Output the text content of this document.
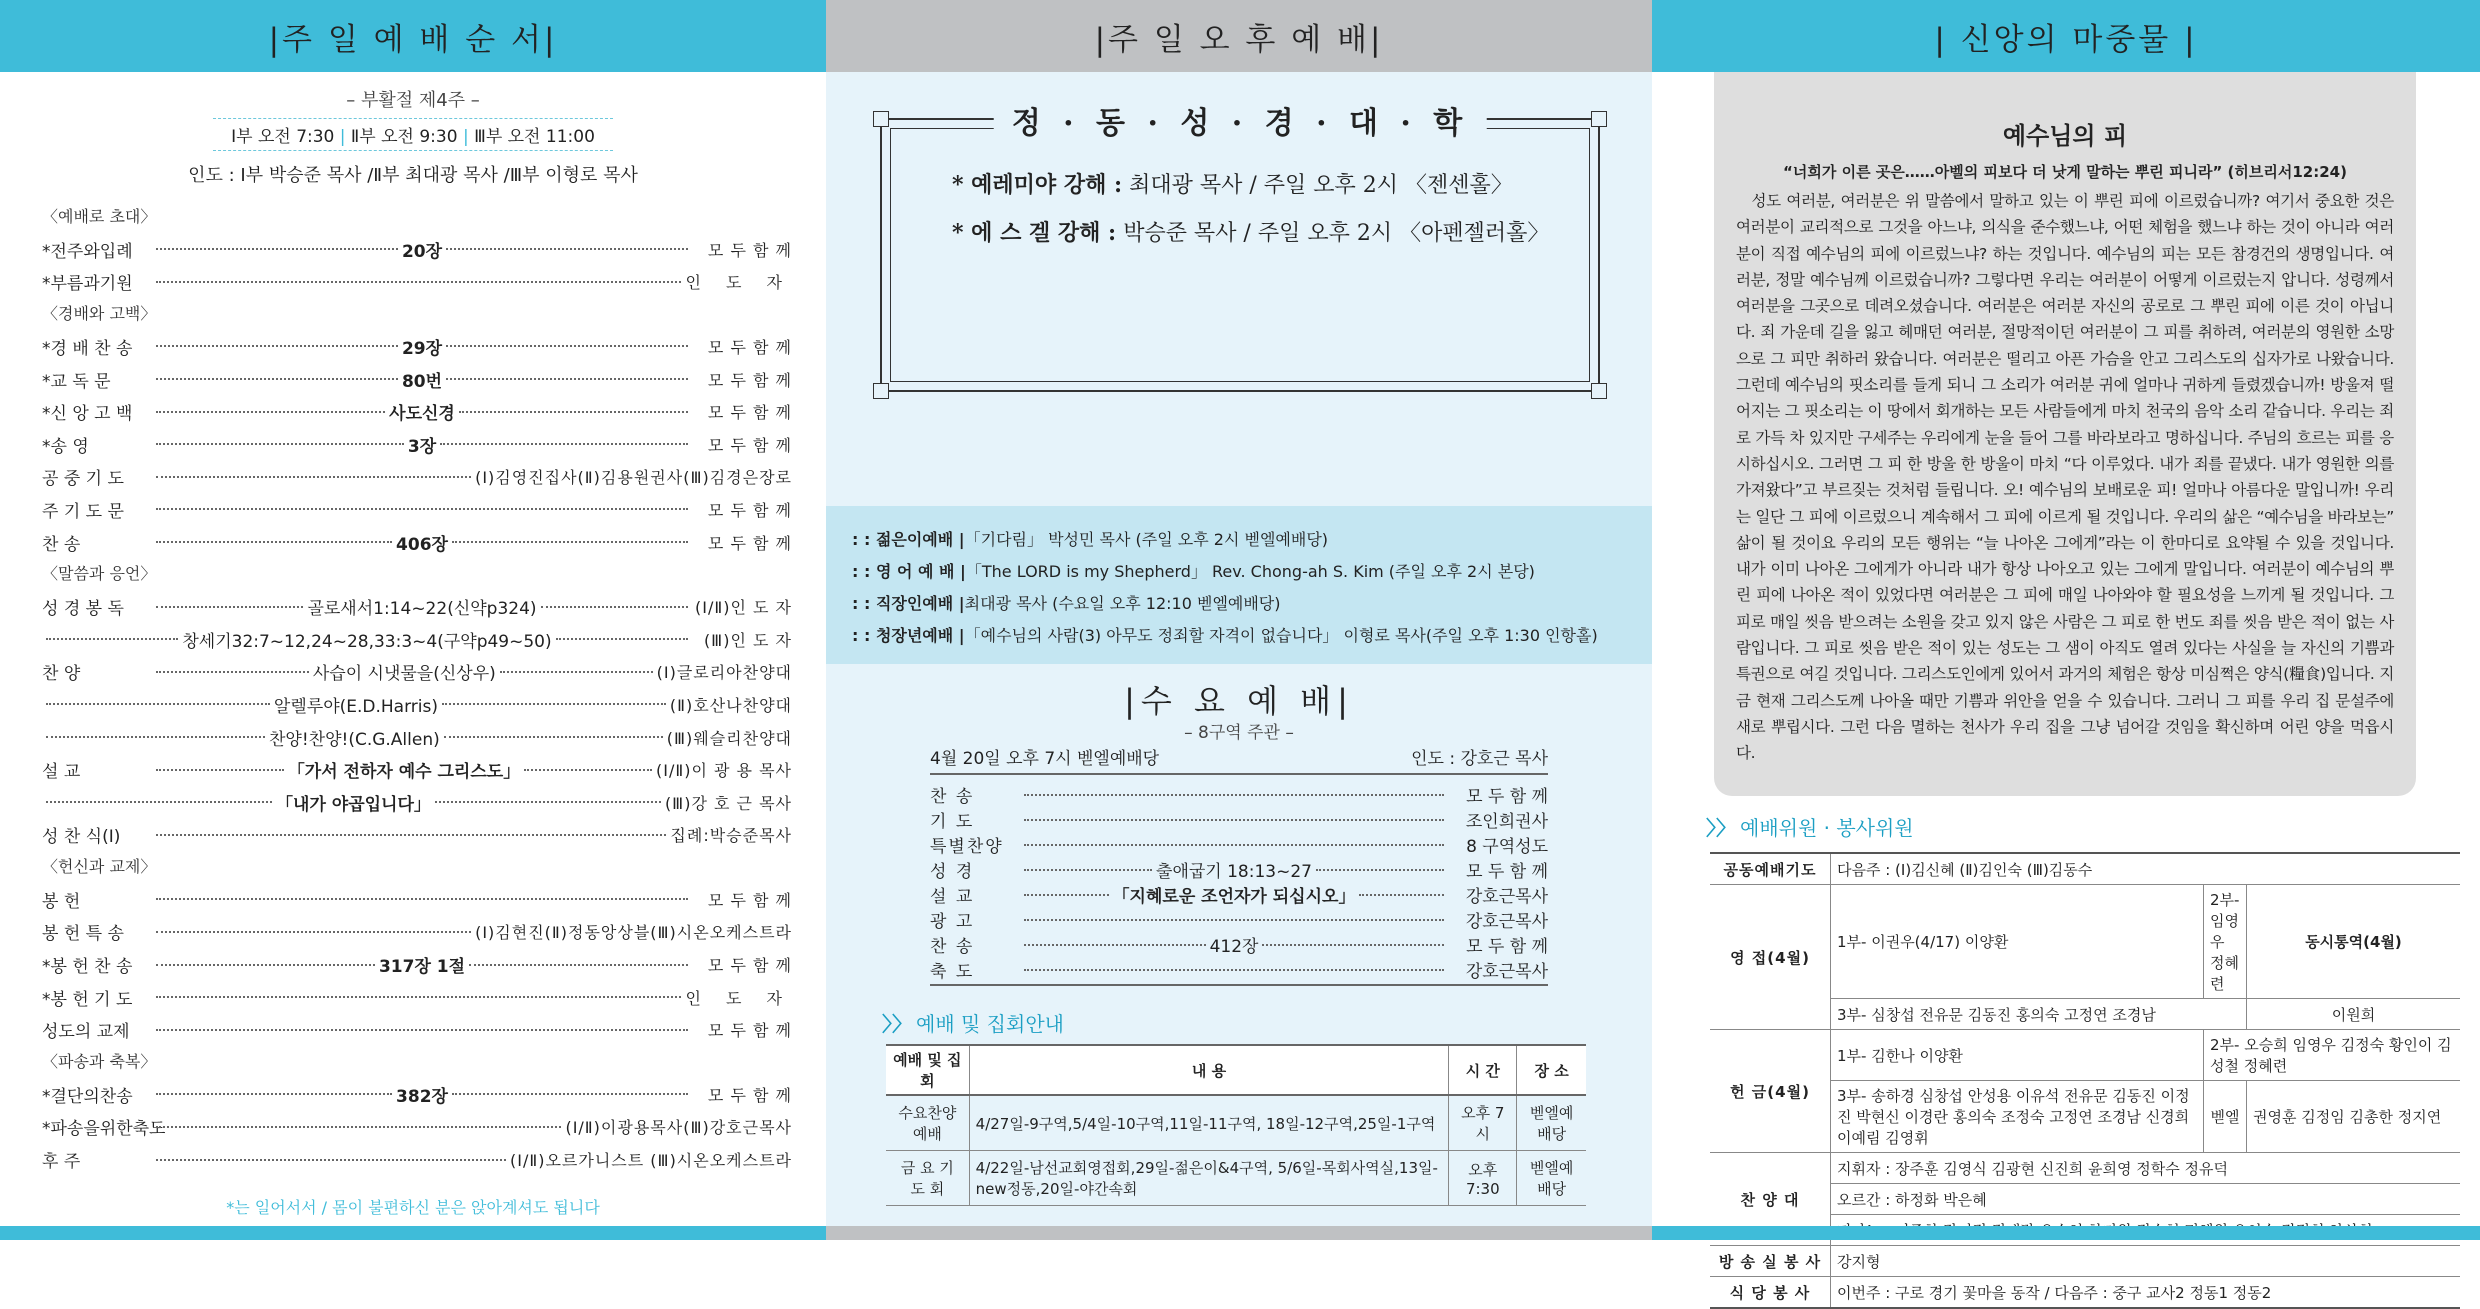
|주 일 예 배 순 서|
– 부활절 제4주 –
Ⅰ부 오전 7:30 | Ⅱ부 오전 9:30 | Ⅲ부 오전 11:00
인도 : Ⅰ부 박승준 목사 /Ⅱ부 최대광 목사 /Ⅲ부 이형로 목사
〈예배로 초대〉
*전주와입례	20장	모 두 함 께
*부름과기원	인 도 자
〈경배와 고백〉
*경 배 찬 송	29장	모 두 함 께
*교 독 문	80번	모 두 함 께
*신 앙 고 백	사도신경	모 두 함 께
*송 영	3장	모 두 함 께
공 중 기 도	(Ⅰ)김영진집사(Ⅱ)김용원권사(Ⅲ)김경은장로
주 기 도 문	모 두 함 께
찬 송	406장	모 두 함 께
〈말씀과 응언〉
성 경 봉 독	골로새서1:14~22(신약p324)	(Ⅰ/Ⅱ)인 도 자
창세기32:7~12,24~28,33:3~4(구약p49~50)	(Ⅲ)인 도 자
찬 양	사습이 시냇물을(신상우)	(Ⅰ)글로리아찬양대
알렐루야(E.D.Harris)	(Ⅱ)호산나찬양대
찬양!찬양!(C.G.Allen)	(Ⅲ)웨슬리찬양대
설 교	「가서 전하자 예수 그리스도」	(Ⅰ/Ⅱ)이 광 용 목사
「내가 야곱입니다」	(Ⅲ)강 호 근 목사
성 찬 식(Ⅰ)	집례:박승준목사
〈헌신과 교제〉
봉 헌	모 두 함 께
봉 헌 특 송	(Ⅰ)김현진(Ⅱ)정동앙상블(Ⅲ)시온오케스트라
*봉 헌 찬 송	317장 1절	모 두 함 께
*봉 헌 기 도	인 도 자
성도의 교제	모 두 함 께
〈파송과 축복〉
*결단의찬송	382장	모 두 함 께
*파송을위한축도	(Ⅰ/Ⅱ)이광용목사(Ⅲ)강호근목사
후 주	(Ⅰ/Ⅱ)오르가니스트 (Ⅲ)시온오케스트라
*는 일어서서 / 몸이 불편하신 분은 앉아계셔도 됩니다
|주 일 오 후 예 배|
정 · 동 · 성 · 경 · 대 · 학
* 예레미야 강해 : 최대광 목사 / 주일 오후 2시 〈젠센홀〉
* 에 스 겔 강해 : 박승준 목사 / 주일 오후 2시 〈아펜젤러홀〉
: : 젊은이예배 |「기다림」 박성민 목사 (주일 오후 2시 벧엘예배당)
: : 영 어 예 배 |「The LORD is my Shepherd」 Rev. Chong-ah S. Kim (주일 오후 2시 본당)
: : 직장인예배 |최대광 목사 (수요일 오후 12:10 벧엘예배당)
: : 청장년예배 |「예수님의 사람(3) 아무도 정죄할 자격이 없습니다」 이형로 목사(주일 오후 1:30 인항홀)
|수 요 예 배|
– 8구역 주관 –
4월 20일 오후 7시 벧엘예배당	인도 : 강호근 목사
찬 송	모 두 함 께
기 도	조인희권사
특별찬양	8 구역성도
성 경	출애굽기 18:13~27	모 두 함 께
설 교	「지혜로운 조언자가 되십시오」	강호근목사
광 고	강호근목사
찬 송	412장	모 두 함 께
축 도	강호근목사
〉〉 예배 및 집회안내
예배 및 집회	내 용	시 간	장 소
수요찬양예배	4/27일-9구역,5/4일-10구역,11일-11구역, 18일-12구역,25일-1구역	오후 7시	벧엘예배당
금 요 기 도 회	4/22일-남선교회영접회,29일-젊은이&4구역, 5/6일-목회사역실,13일-new정동,20일-야간속회	오후7:30	벧엘예배당
| 신앙의 마중물 |
예수님의 피
“너희가 이른 곳은……아벨의 피보다 더 낫게 말하는 뿌린 피니라” (히브리서12:24)
성도 여러분, 여러분은 위 말씀에서 말하고 있는 이 뿌린 피에 이르렀습니까? 여기서 중요한 것은 여러분이 교리적으로 그것을 아느냐, 의식을 준수했느냐, 어떤 체험을 했느냐 하는 것이 아니라 여러분이 직접 예수님의 피에 이르렀느냐? 하는 것입니다. 예수님의 피는 모든 참경건의 생명입니다. 여러분, 정말 예수님께 이르렀습니까? 그렇다면 우리는 여러분이 어떻게 이르렀는지 압니다. 성령께서 여러분을 그곳으로 데려오셨습니다. 여러분은 여러분 자신의 공로로 그 뿌린 피에 이른 것이 아닙니다. 죄 가운데 길을 잃고 헤매던 여러분, 절망적이던 여러분이 그 피를 취하려, 여러분의 영원한 소망으로 그 피만 취하러 왔습니다. 여러분은 떨리고 아픈 가슴을 안고 그리스도의 십자가로 나왔습니다. 그런데 예수님의 핏소리를 들게 되니 그 소리가 여러분 귀에 얼마나 귀하게 들렸겠습니까! 방울져 떨어지는 그 핏소리는 이 땅에서 회개하는 모든 사람들에게 마치 천국의 음악 소리 같습니다. 우리는 죄로 가득 차 있지만 구세주는 우리에게 눈을 들어 그를 바라보라고 명하십니다. 주님의 흐르는 피를 응시하십시오. 그러면 그 피 한 방울 한 방울이 마치 “다 이루었다. 내가 죄를 끝냈다. 내가 영원한 의를 가져왔다”고 부르짖는 것처럼 들립니다. 오! 예수님의 보배로운 피! 얼마나 아름다운 말입니까! 우리는 일단 그 피에 이르렀으니 계속해서 그 피에 이르게 될 것입니다. 우리의 삶은 “예수님을 바라보는” 삶이 될 것이요 우리의 모든 행위는 “늘 나아온 그에게”라는 이 한마디로 요약될 수 있을 것입니다. 내가 이미 나아온 그에게가 아니라 내가 항상 나아오고 있는 그에게 말입니다. 여러분이 예수님의 뿌린 피에 나아온 적이 있었다면 여러분은 그 피에 매일 나아와야 할 필요성을 느끼게 될 것입니다. 그 피로 매일 씻음 받으려는 소원을 갖고 있지 않은 사람은 그 피로 한 번도 죄를 씻음 받은 적이 없는 사람입니다. 그 피로 씻음 받은 적이 있는 성도는 그 샘이 아직도 열려 있다는 사실을 늘 자신의 기쁨과 특권으로 여길 것입니다. 그리스도인에게 있어서 과거의 체험은 항상 미심쩍은 양식(糧食)입니다. 지금 현재 그리스도께 나아올 때만 기쁨과 위안을 얻을 수 있습니다. 그러니 그 피를 우리 집 문설주에 새로 뿌립시다. 그런 다음 멸하는 천사가 우리 집을 그냥 넘어갈 것임을 확신하며 어린 양을 먹읍시다.
〉〉 예배위원 · 봉사위원
공동예배기도	다음주 : (Ⅰ)김신혜 (Ⅱ)김인숙 (Ⅲ)김동수		
영 접(4월)	1부- 이권우(4/17) 이양환	2부- 임영우 정혜련	동시통역(4월)
	3부- 심창섭 전유문 김동진 홍의숙 고정연 조경남		이원희
헌 금(4월)	1부- 김한나 이양환	2부- 오승희 임영우 김정숙 황인이 김성철 정혜련	
	3부- 송하경 심창섭 안성용 이유석 전유문 김동진 이정진 박현신 이경란 홍의숙 조정숙 고정연 조경남 신경희 이예림 김영휘	벧엘	권영훈 김정임 김총한 정지연
찬 양 대	지휘자 : 장주훈 김영식 김광현 신진희 윤희영 정학수 정유덕		
	오르간 : 하정화 박은혜		

방 송 실 봉 사	강지형		
식 당 봉 사	이번주 : 구로 경기 꽃마을 동작 / 다음주 : 중구 교사2 정동1 정동2		
